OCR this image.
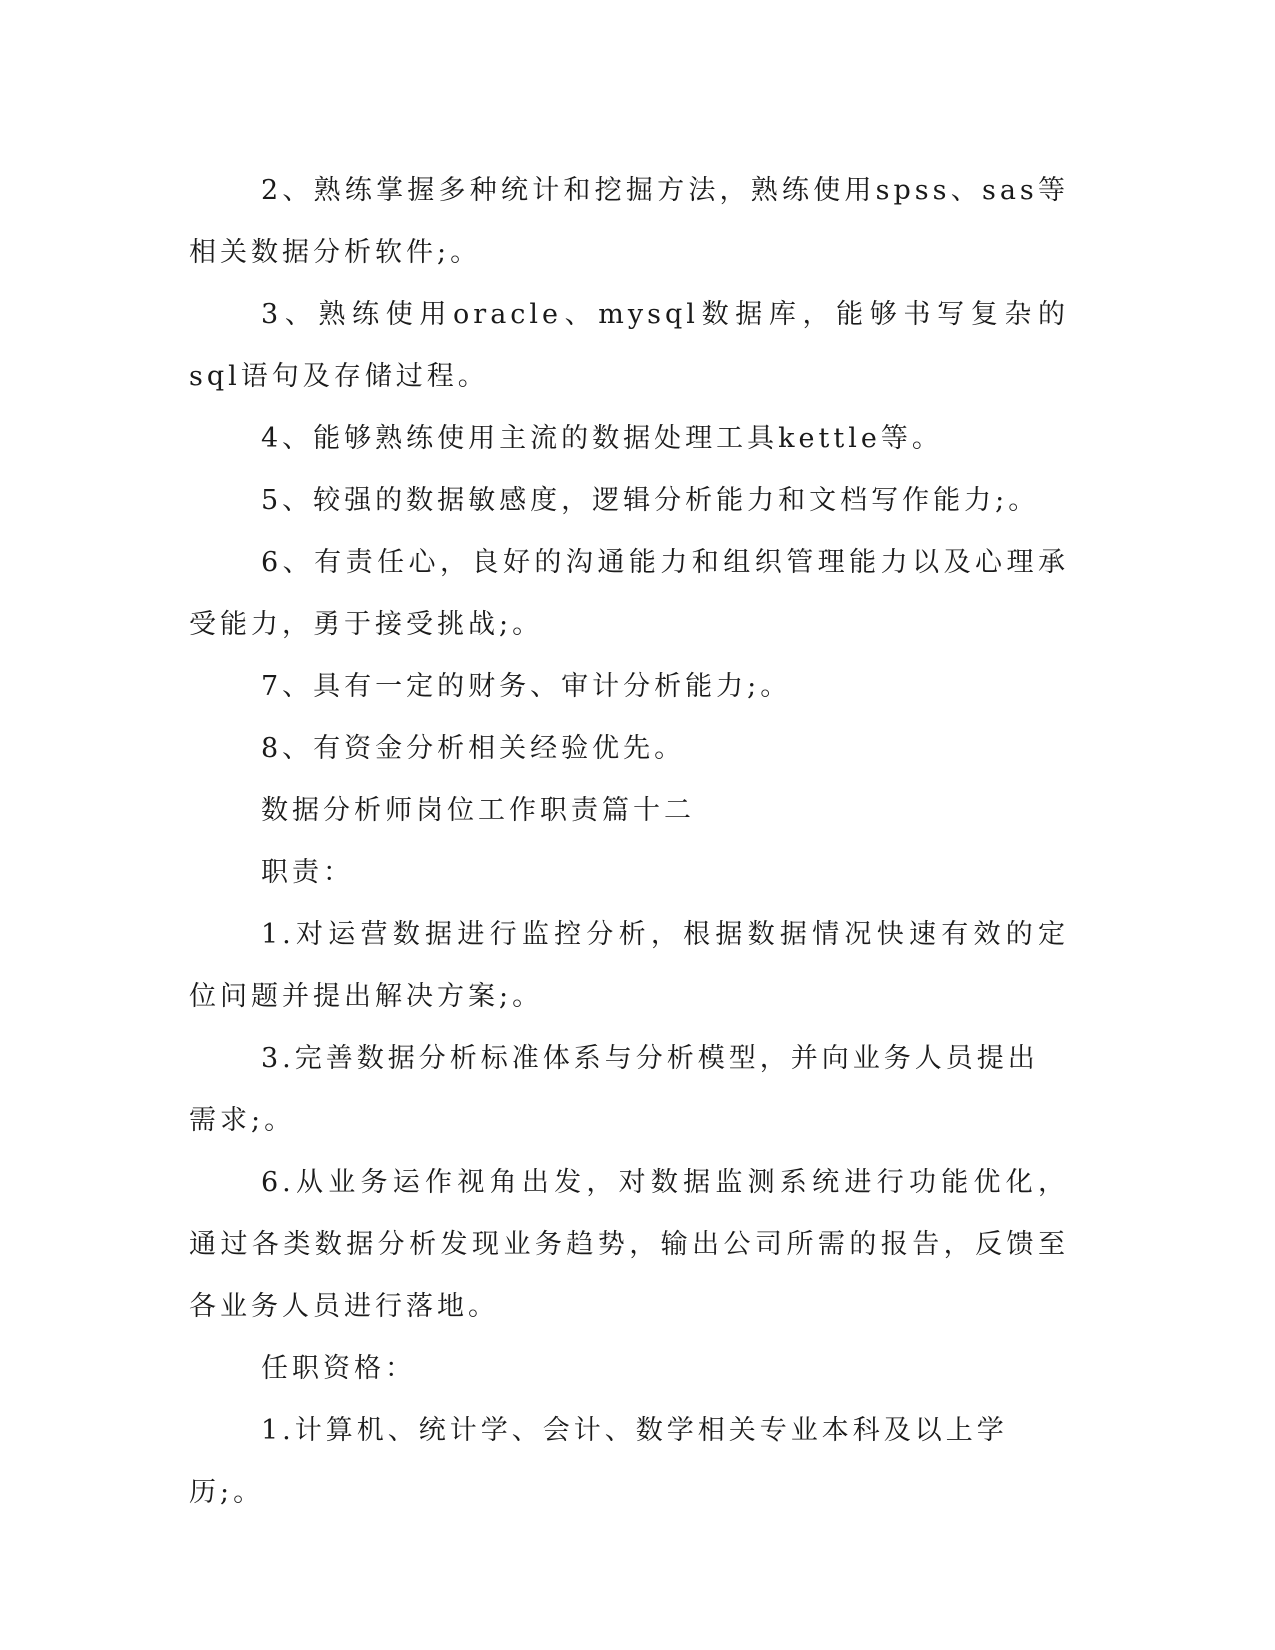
2、熟练掌握多种统计和挖掘方法，熟练使用spss、sas等相关数据分析软件;。

3、熟练使用oracle、mysql数据库，能够书写复杂的sql语句及存储过程。

4、能够熟练使用主流的数据处理工具kettle等。

5、较强的数据敏感度，逻辑分析能力和文档写作能力;。

6、有责任心，良好的沟通能力和组织管理能力以及心理承受能力，勇于接受挑战;。

7、具有一定的财务、审计分析能力;。

8、有资金分析相关经验优先。

数据分析师岗位工作职责篇十二

职责：

1.对运营数据进行监控分析，根据数据情况快速有效的定位问题并提出解决方案;。

3.完善数据分析标准体系与分析模型，并向业务人员提出需求;。

6.从业务运作视角出发，对数据监测系统进行功能优化，通过各类数据分析发现业务趋势，输出公司所需的报告，反馈至各业务人员进行落地。

任职资格：

1.计算机、统计学、会计、数学相关专业本科及以上学历;。
